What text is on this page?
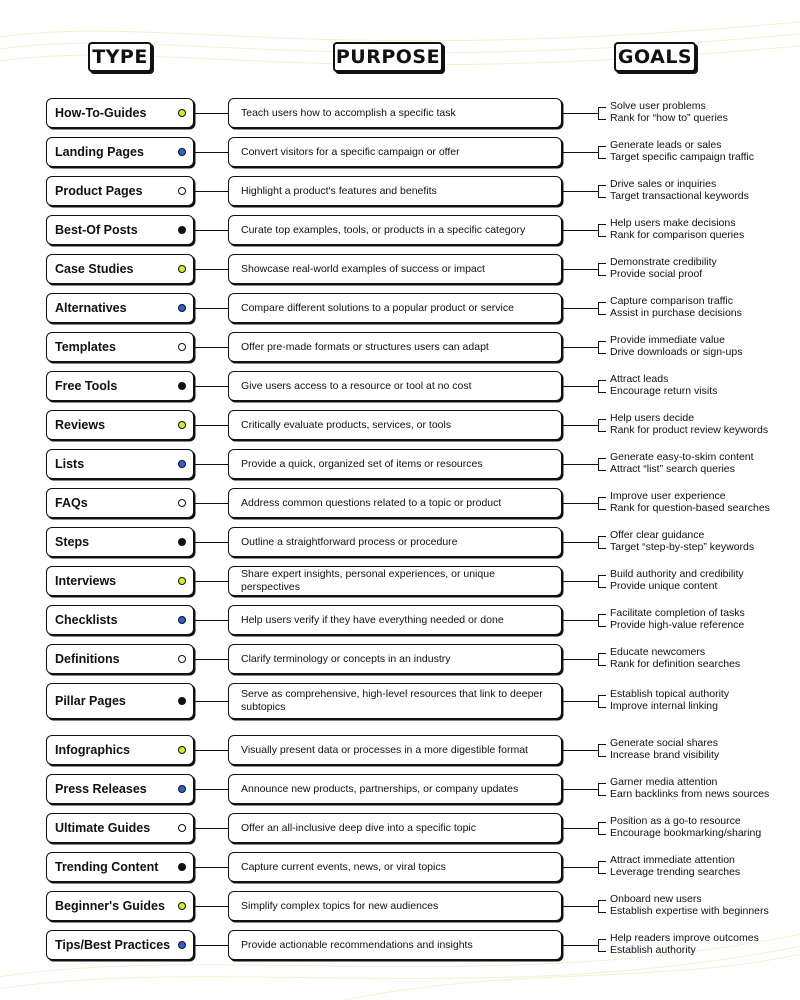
TYPE	PURPOSE	GOALS
How-To-Guides	Teach users how to accomplish a specific task
Solve user problems
Rank for “how to” queries
Landing Pages	Convert visitors for a specific campaign or offer
Generate leads or sales
Target specific campaign traffic
Product Pages	Highlight a product's features and benefits
Drive sales or inquiries
Target transactional keywords
Best-Of Posts	Curate top examples, tools, or products in a specific category
Help users make decisions
Rank for comparison queries
Case Studies	Showcase real-world examples of success or impact
Demonstrate credibility
Provide social proof
Alternatives	Compare different solutions to a popular product or service
Capture comparison traffic
Assist in purchase decisions
Templates	Offer pre-made formats or structures users can adapt
Provide immediate value
Drive downloads or sign-ups
Free Tools	Give users access to a resource or tool at no cost
Attract leads
Encourage return visits
Reviews	Critically evaluate products, services, or tools
Help users decide
Rank for product review keywords
Lists	Provide a quick, organized set of items or resources
Generate easy-to-skim content
Attract “list” search queries
FAQs	Address common questions related to a topic or product
Improve user experience
Rank for question-based searches
Steps	Outline a straightforward process or procedure
Offer clear guidance
Target “step-by-step” keywords
Interviews	Share expert insights, personal experiences, or unique perspectives
Build authority and credibility
Provide unique content
Checklists	Help users verify if they have everything needed or done
Facilitate completion of tasks
Provide high-value reference
Definitions	Clarify terminology or concepts in an industry
Educate newcomers
Rank for definition searches
Pillar Pages	Serve as comprehensive, high-level resources that link to deeper subtopics
Establish topical authority
Improve internal linking
Infographics	Visually present data or processes in a more digestible format
Generate social shares
Increase brand visibility
Press Releases	Announce new products, partnerships, or company updates
Garner media attention
Earn backlinks from news sources
Ultimate Guides	Offer an all-inclusive deep dive into a specific topic
Position as a go-to resource
Encourage bookmarking/sharing
Trending Content	Capture current events, news, or viral topics
Attract immediate attention
Leverage trending searches
Beginner's Guides	Simplify complex topics for new audiences
Onboard new users
Establish expertise with beginners
Tips/Best Practices	Provide actionable recommendations and insights
Help readers improve outcomes
Establish authority
